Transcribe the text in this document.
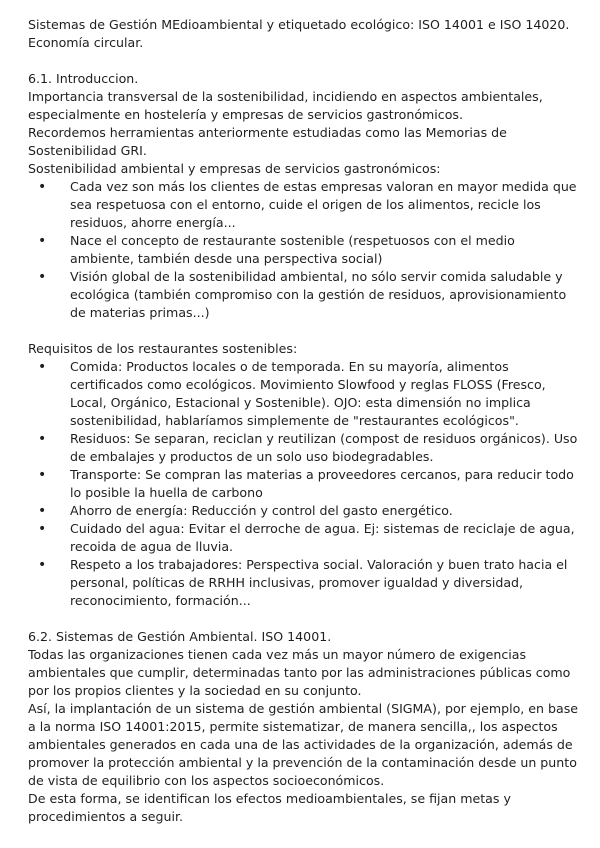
Sistemas de Gestión MEdioambiental y etiquetado ecológico: ISO 14001 e ISO 14020.

Economía circular.

6.1. Introduccion.

Importancia transversal de la sostenibilidad, incidiendo en aspectos ambientales, especialmente en hostelería y empresas de servicios gastronómicos.

Recordemos herramientas anteriormente estudiadas como las Memorias de Sostenibilidad GRI.

Sostenibilidad ambiental y empresas de servicios gastronómicos:

• Cada vez son más los clientes de estas empresas valoran en mayor medida que sea respetuosa con el entorno, cuide el origen de los alimentos, recicle los residuos, ahorre energía...
• Nace el concepto de restaurante sostenible (respetuosos con el medio ambiente, también desde una perspectiva social)
• Visión global de la sostenibilidad ambiental, no sólo servir comida saludable y ecológica (también compromiso con la gestión de residuos, aprovisionamiento de materias primas...)

Requisitos de los restaurantes sostenibles:

• Comida: Productos locales o de temporada. En su mayoría, alimentos certificados como ecológicos. Movimiento Slowfood y reglas FLOSS (Fresco, Local, Orgánico, Estacional y Sostenible). OJO: esta dimensión no implica sostenibilidad, hablaríamos simplemente de "restaurantes ecológicos".
• Residuos: Se separan, reciclan y reutilizan (compost de residuos orgánicos). Uso de embalajes y productos de un solo uso biodegradables.
• Transporte: Se compran las materias a proveedores cercanos, para reducir todo lo posible la huella de carbono
• Ahorro de energía: Reducción y control del gasto energético.
• Cuidado del agua: Evitar el derroche de agua. Ej: sistemas de reciclaje de agua, recoida de agua de lluvia.
• Respeto a los trabajadores: Perspectiva social. Valoración y buen trato hacia el personal, políticas de RRHH inclusivas, promover igualdad y diversidad, reconocimiento, formación...

6.2. Sistemas de Gestión Ambiental. ISO 14001.

Todas las organizaciones tienen cada vez más un mayor número de exigencias ambientales que cumplir, determinadas tanto por las administraciones públicas como por los propios clientes y la sociedad en su conjunto.

Así, la implantación de un sistema de gestión ambiental (SIGMA), por ejemplo, en base a la norma ISO 14001:2015, permite sistematizar, de manera sencilla,, los aspectos ambientales generados en cada una de las actividades de la organización, además de promover la protección ambiental y la prevención de la contaminación desde un punto de vista de equilibrio con los aspectos socioeconómicos.

De esta forma, se identifican los efectos medioambientales, se fijan metas y procedimientos a seguir.
